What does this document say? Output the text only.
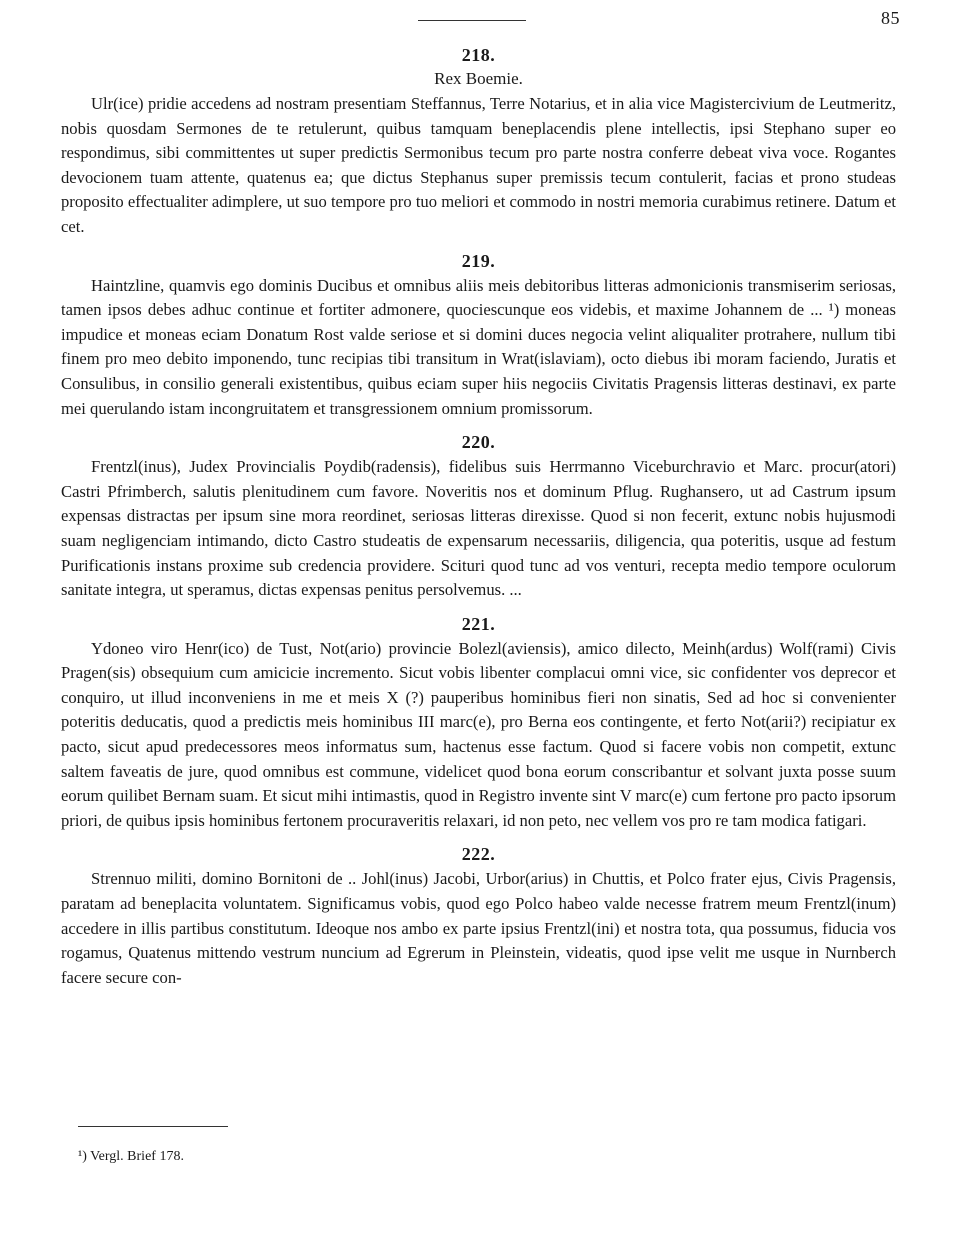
85
218.
Rex Boemie.

Ulr(ice) pridie accedens ad nostram presentiam Steffannus, Terre Notarius, et in alia vice Magistercivium de Leutmeritz, nobis quosdam Sermones de te retulerunt, quibus tamquam beneplacendis plene intellectis, ipsi Stephano super eo respondimus, sibi committentes ut super predictis Sermonibus tecum pro parte nostra conferre debeat viva voce. Rogantes devocionem tuam attente, quatenus ea; que dictus Stephanus super premissis tecum contulerit, facias et prono studeas proposito effectualiter adimplere, ut suo tempore pro tuo meliori et commodo in nostri memoria curabimus retinere. Datum et cet.

219.

Haintzline, quamvis ego dominis Ducibus et omnibus aliis meis debitoribus litteras admonicionis transmiserim seriosas, tamen ipsos debes adhuc continue et fortiter admonere, quociescunque eos videbis, et maxime Johannem de ... ¹) moneas impudice et moneas eciam Donatum Rost valde seriose et si domini duces negocia velint aliqualiter protrahere, nullum tibi finem pro meo debito imponendo, tunc recipias tibi transitum in Wrat(islaviam), octo diebus ibi moram faciendo, Juratis et Consulibus, in consilio generali existentibus, quibus eciam super hiis negociis Civitatis Pragensis litteras destinavi, ex parte mei querulando istam incongruitatem et transgressionem omnium promissorum.

220.

Frentzl(inus), Judex Provincialis Poydib(radensis), fidelibus suis Herrmanno Viceburchravio et Marc. procur(atori) Castri Pfrimberch, salutis plenitudinem cum favore. Noveritis nos et dominum Pflug. Rughansero, ut ad Castrum ipsum expensas distractas per ipsum sine mora reordinet, seriosas litteras direxisse. Quod si non fecerit, extunc nobis hujusmodi suam negligenciam intimando, dicto Castro studeatis de expensarum necessariis, diligencia, qua poteritis, usque ad festum Purificationis instans proxime sub credencia providere. Scituri quod tunc ad vos venturi, recepta medio tempore oculorum sanitate integra, ut speramus, dictas expensas penitus persolvemus. ...

221.

Ydoneo viro Henr(ico) de Tust, Not(ario) provincie Bolezl(aviensis), amico dilecto, Meinh(ardus) Wolf(rami) Civis Pragen(sis) obsequium cum amicicie incremento. Sicut vobis libenter complacui omni vice, sic confidenter vos deprecor et conquiro, ut illud inconveniens in me et meis X (?) pauperibus hominibus fieri non sinatis, Sed ad hoc si convenienter poteritis deducatis, quod a predictis meis hominibus III marc(e), pro Berna eos contingente, et ferto Not(arii?) recipiatur ex pacto, sicut apud predecessores meos informatus sum, hactenus esse factum. Quod si facere vobis non competit, extunc saltem faveatis de jure, quod omnibus est commune, videlicet quod bona eorum conscribantur et solvant juxta posse suum eorum quilibet Bernam suam. Et sicut mihi intimastis, quod in Registro invente sint V marc(e) cum fertone pro pacto ipsorum priori, de quibus ipsis hominibus fertonem procuraveritis relaxari, id non peto, nec vellem vos pro re tam modica fatigari.

222.

Strennuo militi, domino Bornitoni de .. Johl(inus) Jacobi, Urbor(arius) in Chuttis, et Polco frater ejus, Civis Pragensis, paratam ad beneplacita voluntatem. Significamus vobis, quod ego Polco habeo valde necesse fratrem meum Frentzl(inum) accedere in illis partibus constitutum. Ideoque nos ambo ex parte ipsius Frentzl(ini) et nostra tota, qua possumus, fiducia vos rogamus, Quatenus mittendo vestrum nuncium ad Egrerum in Pleinstein, videatis, quod ipse velit me usque in Nurnberch facere secure con-

¹) Vergl. Brief 178.
